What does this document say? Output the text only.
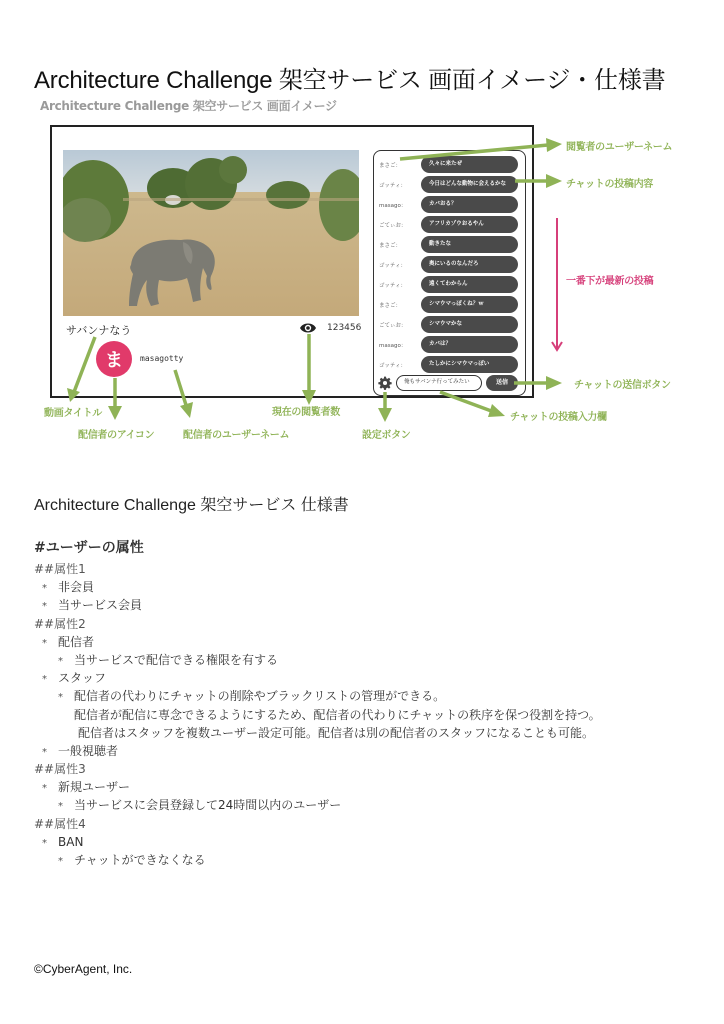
Architecture Challenge 架空サービス 画面イメージ・仕様書
Architecture Challenge 架空サービス 画面イメージ
サバンナなう	123456
ま	masagotty
まさご：	久々に来たぜ
ゴッティ：	今日はどんな動物に会えるかな
masago：	カバおる？
ごてぃお：	アフリカゾウおるやん
まさご：	動きたな
ゴッティ：	奥にいるのなんだろ
ゴッティ：	遠くてわからん
まさご：	シマウマっぽくね？ｗ
ごてぃお：	シマウマかな
masago：	カバは？
ゴッティ：	たしかにシマウマっぽい
俺もサバンナ行ってみたい	送信
閲覧者のユーザーネーム
チャットの投稿内容
一番下が最新の投稿
チャットの送信ボタン
チャットの投稿入力欄
動画タイトル
配信者のアイコン	配信者のユーザーネーム
現在の閲覧者数
設定ボタン
Architecture Challenge 架空サービス 仕様書
#ユーザーの属性
##属性1
* 非会員
* 当サービス会員
##属性2
* 配信者
* 当サービスで配信できる権限を有する
* スタッフ
* 配信者の代わりにチャットの削除やブラックリストの管理ができる。
配信者が配信に専念できるようにするため、配信者の代わりにチャットの秩序を保つ役割を持つ。
配信者はスタッフを複数ユーザー設定可能。配信者は別の配信者のスタッフになることも可能。
* 一般視聴者
##属性3
* 新規ユーザー
* 当サービスに会員登録して24時間以内のユーザー
##属性4
* BAN
* チャットができなくなる
©CyberAgent, Inc.
